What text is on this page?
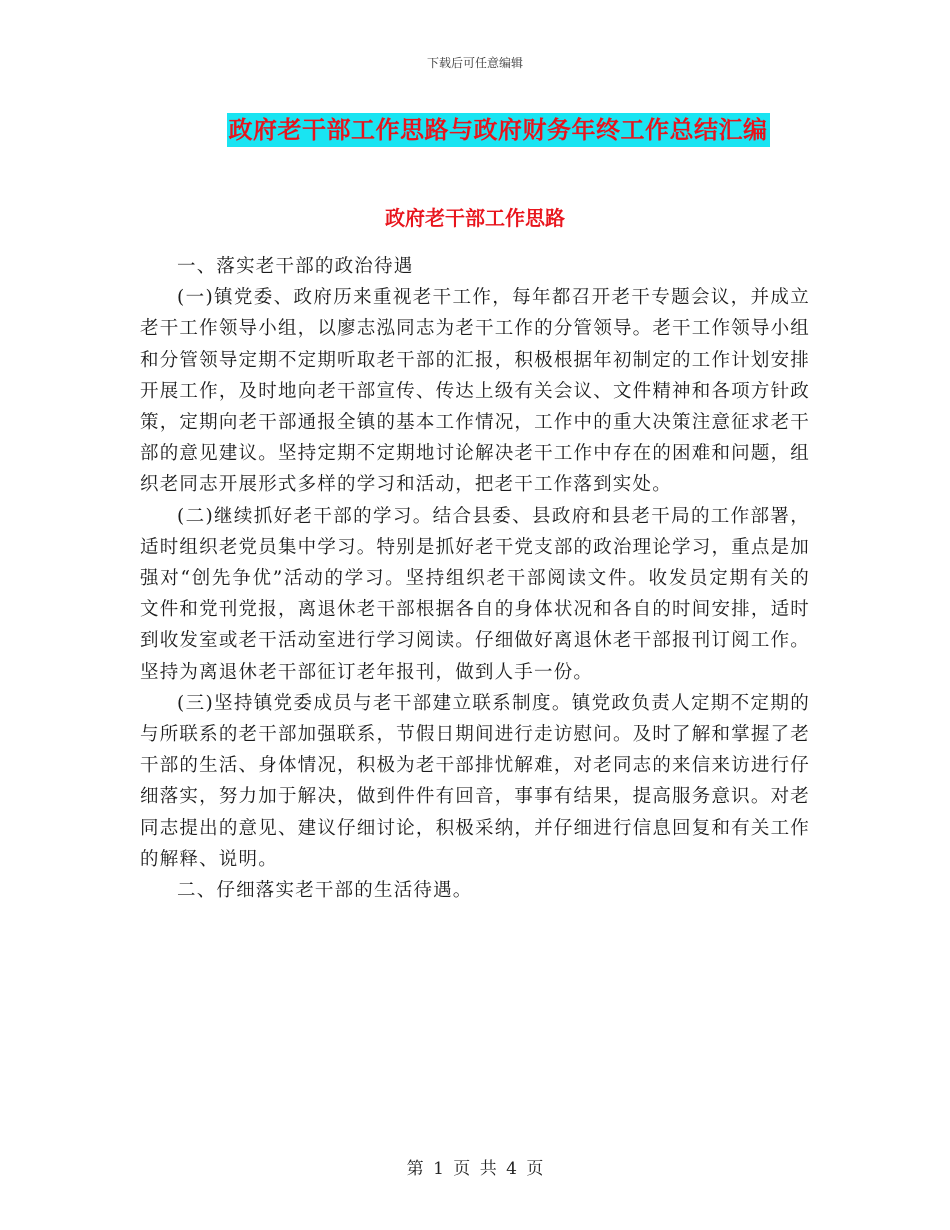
下载后可任意编辑
政府老干部工作思路与政府财务年终工作总结汇编
政府老干部工作思路

一、落实老干部的政治待遇

(一)镇党委、政府历来重视老干工作，每年都召开老干专题会议，并成立老干工作领导小组，以廖志泓同志为老干工作的分管领导。老干工作领导小组和分管领导定期不定期听取老干部的汇报，积极根据年初制定的工作计划安排开展工作，及时地向老干部宣传、传达上级有关会议、文件精神和各项方针政策，定期向老干部通报全镇的基本工作情况，工作中的重大决策注意征求老干部的意见建议。坚持定期不定期地讨论解决老干工作中存在的困难和问题，组织老同志开展形式多样的学习和活动，把老干工作落到实处。

(二)继续抓好老干部的学习。结合县委、县政府和县老干局的工作部署，适时组织老党员集中学习。特别是抓好老干党支部的政治理论学习，重点是加强对“创先争优”活动的学习。坚持组织老干部阅读文件。收发员定期有关的文件和党刊党报，离退休老干部根据各自的身体状况和各自的时间安排，适时到收发室或老干活动室进行学习阅读。仔细做好离退休老干部报刊订阅工作。坚持为离退休老干部征订老年报刊，做到人手一份。

(三)坚持镇党委成员与老干部建立联系制度。镇党政负责人定期不定期的与所联系的老干部加强联系，节假日期间进行走访慰问。及时了解和掌握了老干部的生活、身体情况，积极为老干部排忧解难，对老同志的来信来访进行仔细落实，努力加于解决，做到件件有回音，事事有结果，提高服务意识。对老同志提出的意见、建议仔细讨论，积极采纳，并仔细进行信息回复和有关工作的解释、说明。

二、仔细落实老干部的生活待遇。

第 1 页 共 4 页
